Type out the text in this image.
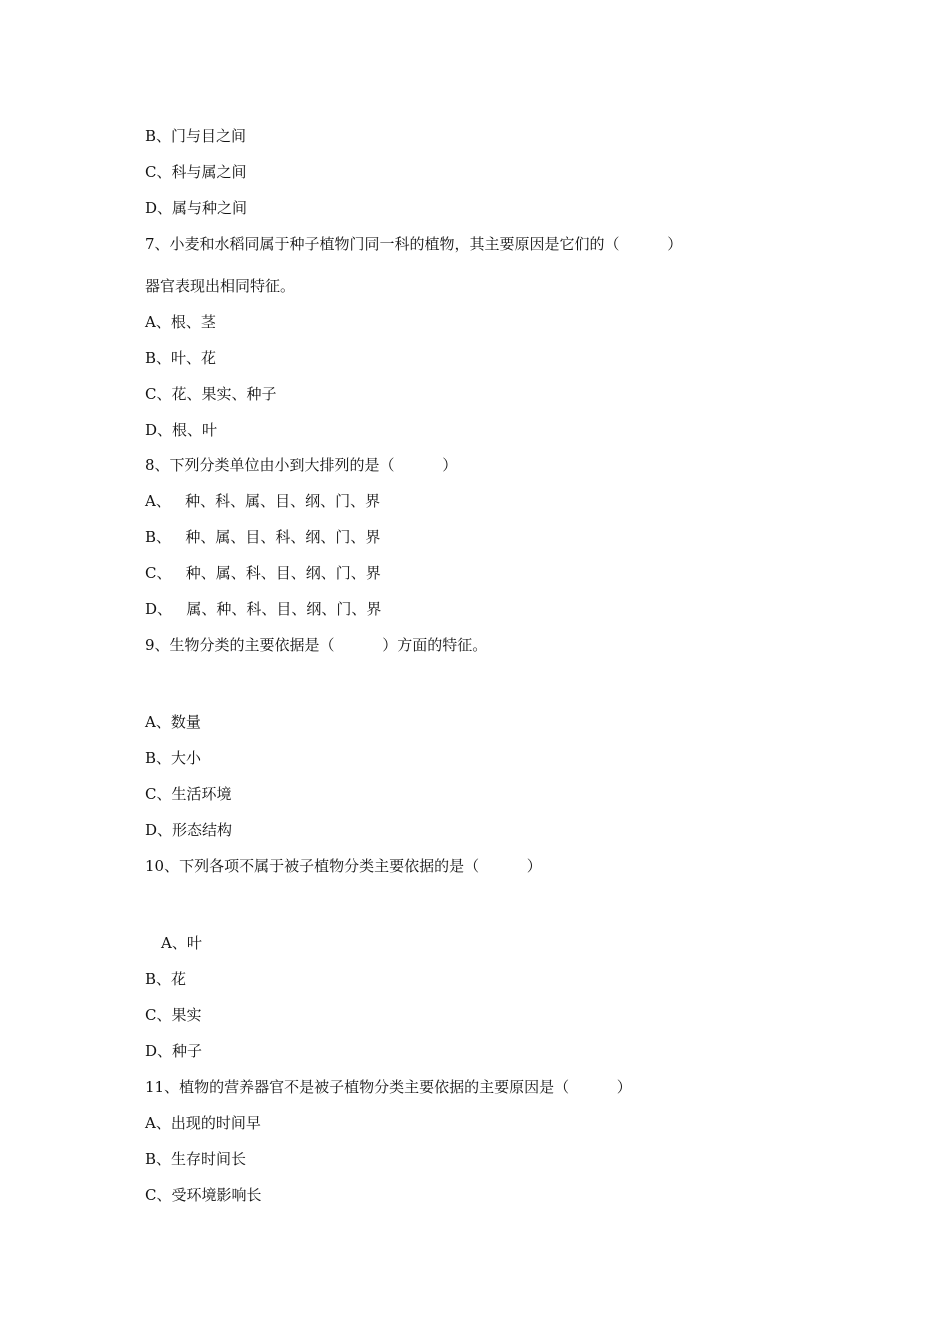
B、门与目之间
C、科与属之间
D、属与种之间
7、小麦和水稻同属于种子植物门同一科的植物，其主要原因是它们的（          ）
器官表现出相同特征。
A、根、茎
B、叶、花
C、花、果实、种子
D、根、叶
8、下列分类单位由小到大排列的是（          ）
A、   种、科、属、目、纲、门、界
B、   种、属、目、科、纲、门、界
C、   种、属、科、目、纲、门、界
D、   属、种、科、目、纲、门、界
9、生物分类的主要依据是（          ）方面的特征。
A、数量
B、大小
C、生活环境
D、形态结构
10、下列各项不属于被子植物分类主要依据的是（          ）
A、叶
B、花
C、果实
D、种子
11、植物的营养器官不是被子植物分类主要依据的主要原因是（          ）
A、出现的时间早
B、生存时间长
C、受环境影响长
